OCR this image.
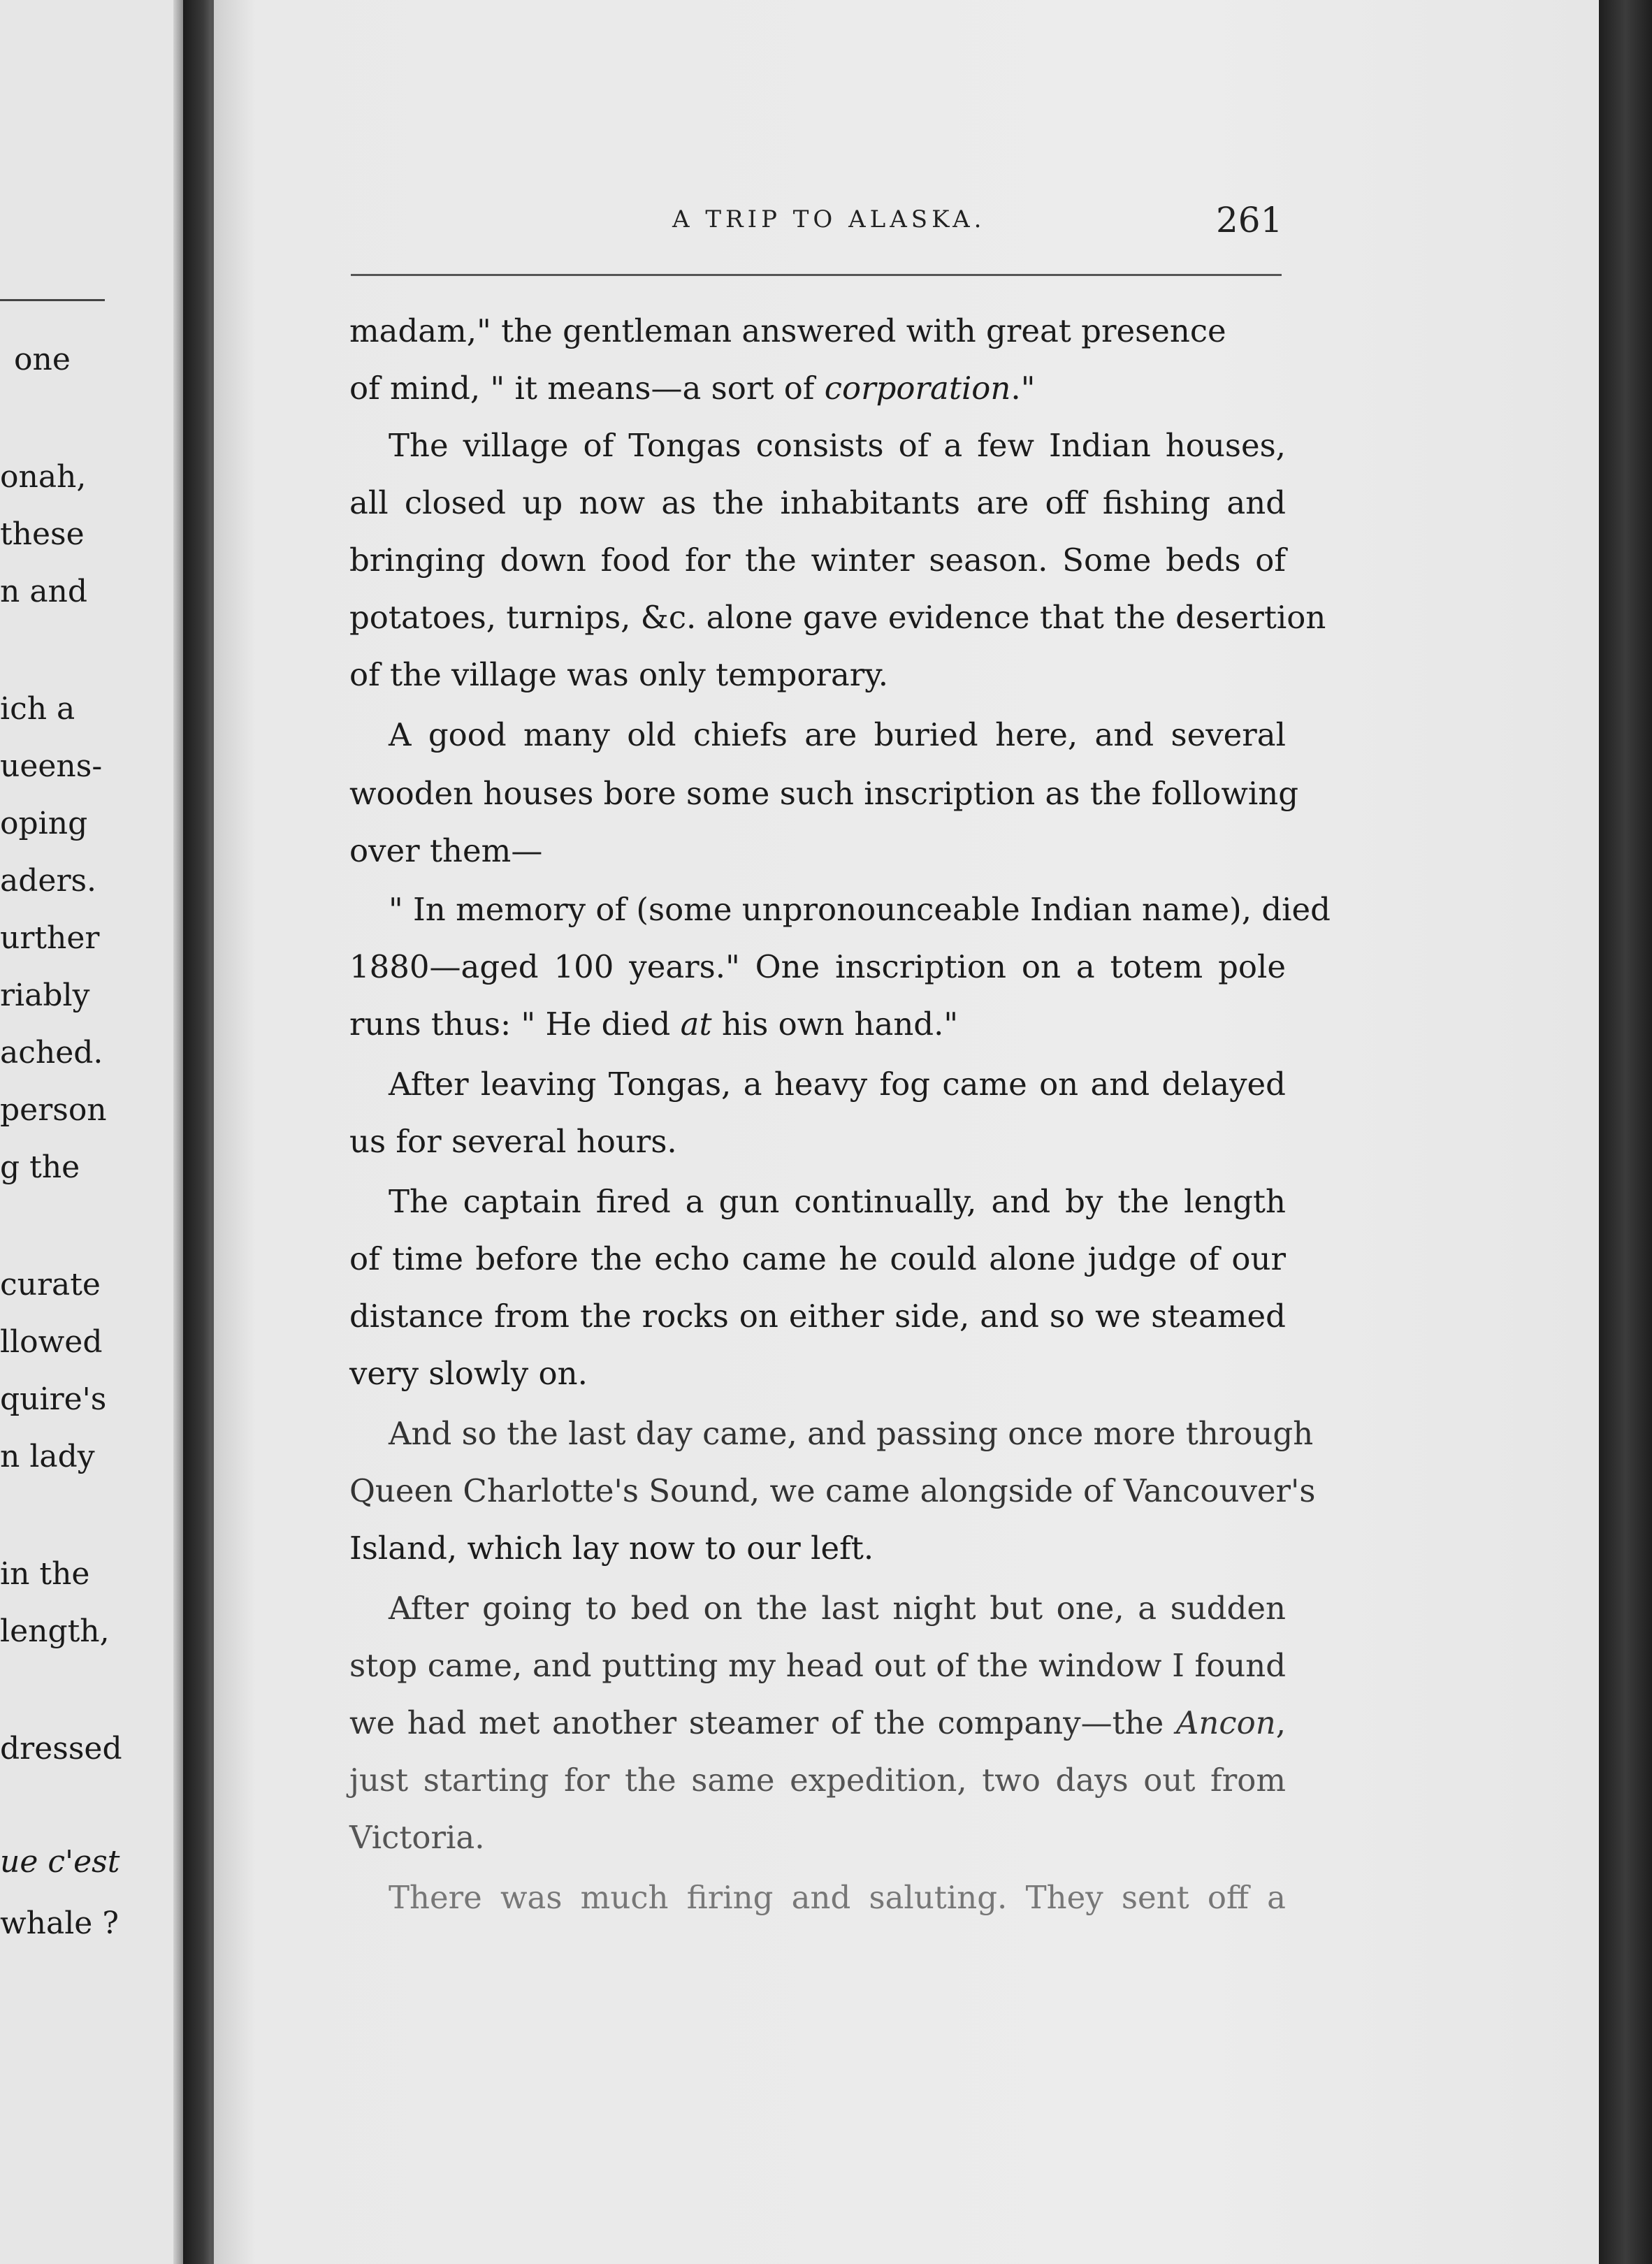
one
onah,
these
n and
ich a
ueens-
oping
aders.
urther
riably
ached.
person
g the
curate
llowed
quire's
n lady
in the
length,
dressed
ue c'est
whale ?
A TRIP TO ALASKA.	261
madam," the gentleman answered with great presence
of mind, " it means—a sort of corporation."
The village of Tongas consists of a few Indian houses,
all closed up now as the inhabitants are off fishing and
bringing down food for the winter season. Some beds of
potatoes, turnips, &c. alone gave evidence that the desertion
of the village was only temporary.
A good many old chiefs are buried here, and several
wooden houses bore some such inscription as the following
over them—
" In memory of (some unpronounceable Indian name), died
1880—aged 100 years." One inscription on a totem pole
runs thus: " He died at his own hand."
After leaving Tongas, a heavy fog came on and delayed
us for several hours.
The captain fired a gun continually, and by the length
of time before the echo came he could alone judge of our
distance from the rocks on either side, and so we steamed
very slowly on.
And so the last day came, and passing once more through
Queen Charlotte's Sound, we came alongside of Vancouver's
Island, which lay now to our left.
After going to bed on the last night but one, a sudden
stop came, and putting my head out of the window I found
we had met another steamer of the company—the Ancon,
just starting for the same expedition, two days out from
Victoria.
There was much firing and saluting. They sent off a
